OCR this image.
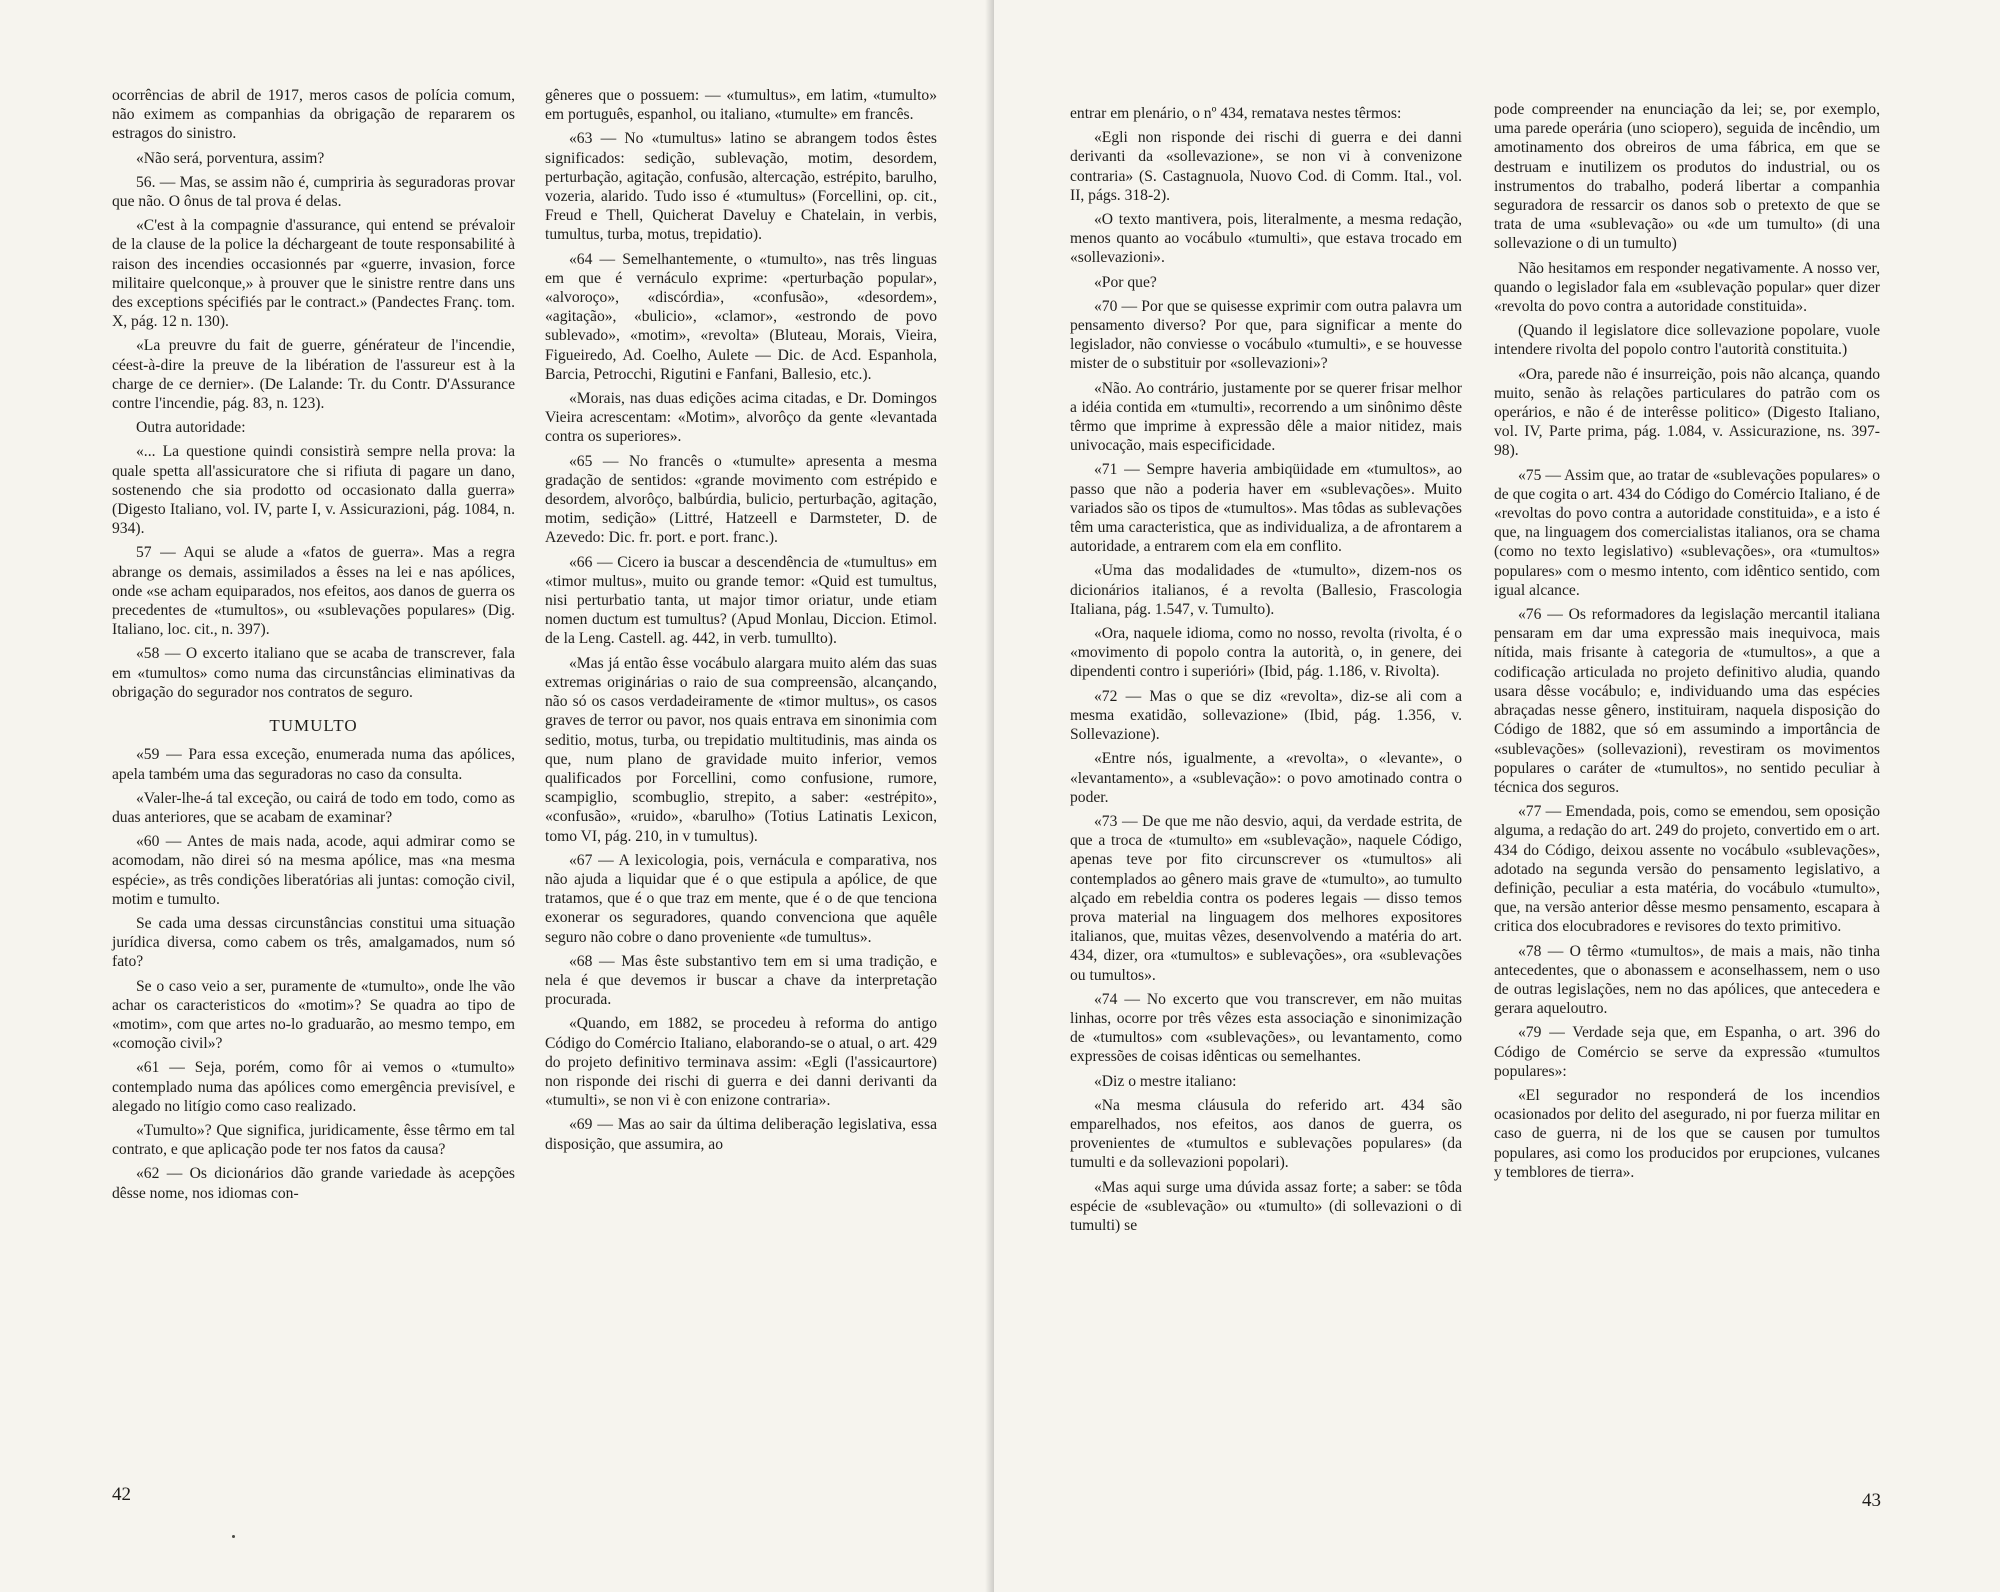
ocorrências de abril de 1917, meros casos de polícia comum, não eximem as companhias da obrigação de repararem os estragos do sinistro.

«Não será, porventura, assim?

56. — Mas, se assim não é, cumpriria às seguradoras provar que não. O ônus de tal prova é delas.

«C'est à la compagnie d'assurance, qui entend se prévaloir de la clause de la police la déchargeant de toute responsabilité à raison des incendies occasionnés par «guerre, invasion, force militaire quelconque,» à prouver que le sinistre rentre dans uns des exceptions spécifiés par le contract.» (Pandectes Franç. tom. X, pág. 12 n. 130).

«La preuvre du fait de guerre, générateur de l'incendie, céest-à-dire la preuve de la libération de l'assureur est à la charge de ce dernier». (De Lalande: Tr. du Contr. D'Assurance contre l'incendie, pág. 83, n. 123).

Outra autoridade:

«... La questione quindi consistirà sempre nella prova: la quale spetta all'assicuratore che si rifiuta di pagare un dano, sostenendo che sia prodotto od occasionato dalla guerra» (Digesto Italiano, vol. IV, parte I, v. Assicurazioni, pág. 1084, n. 934).

57 — Aqui se alude a «fatos de guerra». Mas a regra abrange os demais, assimilados a êsses na lei e nas apólices, onde «se acham equiparados, nos efeitos, aos danos de guerra os precedentes de «tumultos», ou «sublevações populares» (Dig. Italiano, loc. cit., n. 397).

«58 — O excerto italiano que se acaba de transcrever, fala em «tumultos» como numa das circunstâncias eliminativas da obrigação do segurador nos contratos de seguro.

TUMULTO

«59 — Para essa exceção, enumerada numa das apólices, apela também uma das seguradoras no caso da consulta.

«Valer-lhe-á tal exceção, ou cairá de todo em todo, como as duas anteriores, que se acabam de examinar?

«60 — Antes de mais nada, acode, aqui admirar como se acomodam, não direi só na mesma apólice, mas «na mesma espécie», as três condições liberatórias ali juntas: comoção civil, motim e tumulto.

Se cada uma dessas circunstâncias constitui uma situação jurídica diversa, como cabem os três, amalgamados, num só fato?

Se o caso veio a ser, puramente de «tumulto», onde lhe vão achar os caracteristicos do «motim»? Se quadra ao tipo de «motim», com que artes no-lo graduarão, ao mesmo tempo, em «comoção civil»?

«61 — Seja, porém, como fôr ai vemos o «tumulto» contemplado numa das apólices como emergência previsível, e alegado no litígio como caso realizado.

«Tumulto»? Que significa, juridicamente, êsse têrmo em tal contrato, e que aplicação pode ter nos fatos da causa?

«62 — Os dicionários dão grande variedade às acepções dêsse nome, nos idiomas con-

gêneres que o possuem: — «tumultus», em latim, «tumulto» em português, espanhol, ou italiano, «tumulte» em francês.

«63 — No «tumultus» latino se abrangem todos êstes significados: sedição, sublevação, motim, desordem, perturbação, agitação, confusão, altercação, estrépito, barulho, vozeria, alarido. Tudo isso é «tumultus» (Forcellini, op. cit., Freud e Thell, Quicherat Daveluy e Chatelain, in verbis, tumultus, turba, motus, trepidatio).

«64 — Semelhantemente, o «tumulto», nas três linguas em que é vernáculo exprime: «perturbação popular», «alvoroço», «discórdia», «confusão», «desordem», «agitação», «bulicio», «clamor», «estrondo de povo sublevado», «motim», «revolta» (Bluteau, Morais, Vieira, Figueiredo, Ad. Coelho, Aulete — Dic. de Acd. Espanhola, Barcia, Petrocchi, Rigutini e Fanfani, Ballesio, etc.).

«Morais, nas duas edições acima citadas, e Dr. Domingos Vieira acrescentam: «Motim», alvorôço da gente «levantada contra os superiores».

«65 — No francês o «tumulte» apresenta a mesma gradação de sentidos: «grande movimento com estrépido e desordem, alvorôço, balbúrdia, bulicio, perturbação, agitação, motim, sedição» (Littré, Hatzeell e Darmsteter, D. de Azevedo: Dic. fr. port. e port. franc.).

«66 — Cicero ia buscar a descendência de «tumultus» em «timor multus», muito ou grande temor: «Quid est tumultus, nisi perturbatio tanta, ut major timor oriatur, unde etiam nomen ductum est tumultus? (Apud Monlau, Diccion. Etimol. de la Leng. Castell. ag. 442, in verb. tumullto).

«Mas já então êsse vocábulo alargara muito além das suas extremas originárias o raio de sua compreensão, alcançando, não só os casos verdadeiramente de «timor multus», os casos graves de terror ou pavor, nos quais entrava em sinonimia com seditio, motus, turba, ou trepidatio multitudinis, mas ainda os que, num plano de gravidade muito inferior, vemos qualificados por Forcellini, como confusione, rumore, scampiglio, scombuglio, strepito, a saber: «estrépito», «confusão», «ruido», «barulho» (Totius Latinatis Lexicon, tomo VI, pág. 210, in v tumultus).

«67 — A lexicologia, pois, vernácula e comparativa, nos não ajuda a liquidar que é o que estipula a apólice, de que tratamos, que é o que traz em mente, que é o de que tenciona exonerar os seguradores, quando convenciona que aquêle seguro não cobre o dano proveniente «de tumultus».

«68 — Mas êste substantivo tem em si uma tradição, e nela é que devemos ir buscar a chave da interpretação procurada.

«Quando, em 1882, se procedeu à reforma do antigo Código do Comércio Italiano, elaborando-se o atual, o art. 429 do projeto definitivo terminava assim: «Egli (l'assicaurtore) non risponde dei rischi di guerra e dei danni derivanti da «tumulti», se non vi è con enizone contraria».

«69 — Mas ao sair da última deliberação legislativa, essa disposição, que assumira, ao

42

entrar em plenário, o nº 434, rematava nestes têrmos:

«Egli non risponde dei rischi di guerra e dei danni derivanti da «sollevazione», se non vi à convenizone contraria» (S. Castagnuola, Nuovo Cod. di Comm. Ital., vol. II, págs. 318-2).

«O texto mantivera, pois, literalmente, a mesma redação, menos quanto ao vocábulo «tumulti», que estava trocado em «sollevazioni».

«Por que?

«70 — Por que se quisesse exprimir com outra palavra um pensamento diverso? Por que, para significar a mente do legislador, não conviesse o vocábulo «tumulti», e se houvesse mister de o substituir por «sollevazioni»?

«Não. Ao contrário, justamente por se querer frisar melhor a idéia contida em «tumulti», recorrendo a um sinônimo dêste têrmo que imprime à expressão dêle a maior nitidez, mais univocação, mais especificidade.

«71 — Sempre haveria ambiqüidade em «tumultos», ao passo que não a poderia haver em «sublevações». Muito variados são os tipos de «tumultos». Mas tôdas as sublevações têm uma caracteristica, que as individualiza, a de afrontarem a autoridade, a entrarem com ela em conflito.

«Uma das modalidades de «tumulto», dizem-nos os dicionários italianos, é a revolta (Ballesio, Frascologia Italiana, pág. 1.547, v. Tumulto).

«Ora, naquele idioma, como no nosso, revolta (rivolta, é o «movimento di popolo contra la autorità, o, in genere, dei dipendenti contro i superióri» (Ibid, pág. 1.186, v. Rivolta).

«72 — Mas o que se diz «revolta», diz-se ali com a mesma exatidão, sollevazione» (Ibid, pág. 1.356, v. Sollevazione).

«Entre nós, igualmente, a «revolta», o «levante», o «levantamento», a «sublevação»: o povo amotinado contra o poder.

«73 — De que me não desvio, aqui, da verdade estrita, de que a troca de «tumulto» em «sublevação», naquele Código, apenas teve por fito circunscrever os «tumultos» ali contemplados ao gênero mais grave de «tumulto», ao tumulto alçado em rebeldia contra os poderes legais — disso temos prova material na linguagem dos melhores expositores italianos, que, muitas vêzes, desenvolvendo a matéria do art. 434, dizer, ora «tumultos» e sublevações», ora «sublevações ou tumultos».

«74 — No excerto que vou transcrever, em não muitas linhas, ocorre por três vêzes esta associação e sinonimização de «tumultos» com «sublevações», ou levantamento, como expressões de coisas idênticas ou semelhantes.

«Diz o mestre italiano:

«Na mesma cláusula do referido art. 434 são emparelhados, nos efeitos, aos danos de guerra, os provenientes de «tumultos e sublevações populares» (da tumulti e da sollevazioni popolari).

«Mas aqui surge uma dúvida assaz forte; a saber: se tôda espécie de «sublevação» ou «tumulto» (di sollevazioni o di tumulti) se

pode compreender na enunciação da lei; se, por exemplo, uma parede operária (uno sciopero), seguida de incêndio, um amotinamento dos obreiros de uma fábrica, em que se destruam e inutilizem os produtos do industrial, ou os instrumentos do trabalho, poderá libertar a companhia seguradora de ressarcir os danos sob o pretexto de que se trata de uma «sublevação» ou «de um tumulto» (di una sollevazione o di un tumulto)

Não hesitamos em responder negativamente. A nosso ver, quando o legislador fala em «sublevação popular» quer dizer «revolta do povo contra a autoridade constituida».

(Quando il legislatore dice sollevazione popolare, vuole intendere rivolta del popolo contro l'autorità constituita.)

«Ora, parede não é insurreição, pois não alcança, quando muito, senão às relações particulares do patrão com os operários, e não é de interêsse politico» (Digesto Italiano, vol. IV, Parte prima, pág. 1.084, v. Assicurazione, ns. 397-98).

«75 — Assim que, ao tratar de «sublevações populares» o de que cogita o art. 434 do Código do Comércio Italiano, é de «revoltas do povo contra a autoridade constituida», e a isto é que, na linguagem dos comercialistas italianos, ora se chama (como no texto legislativo) «sublevações», ora «tumultos» populares» com o mesmo intento, com idêntico sentido, com igual alcance.

«76 — Os reformadores da legislação mercantil italiana pensaram em dar uma expressão mais inequivoca, mais nítida, mais frisante à categoria de «tumultos», a que a codificação articulada no projeto definitivo aludia, quando usara dêsse vocábulo; e, individuando uma das espécies abraçadas nesse gênero, instituiram, naquela disposição do Código de 1882, que só em assumindo a importância de «sublevações» (sollevazioni), revestiram os movimentos populares o caráter de «tumultos», no sentido peculiar à técnica dos seguros.

«77 — Emendada, pois, como se emendou, sem oposição alguma, a redação do art. 249 do projeto, convertido em o art. 434 do Código, deixou assente no vocábulo «sublevações», adotado na segunda versão do pensamento legislativo, a definição, peculiar a esta matéria, do vocábulo «tumulto», que, na versão anterior dêsse mesmo pensamento, escapara à critica dos elocubradores e revisores do texto primitivo.

«78 — O têrmo «tumultos», de mais a mais, não tinha antecedentes, que o abonassem e aconselhassem, nem o uso de outras legislações, nem no das apólices, que antecedera e gerara aqueloutro.

«79 — Verdade seja que, em Espanha, o art. 396 do Código de Comércio se serve da expressão «tumultos populares»:

«El segurador no responderá de los incendios ocasionados por delito del asegurado, ni por fuerza militar en caso de guerra, ni de los que se causen por tumultos populares, asi como los producidos por erupciones, vulcanes y temblores de tierra».

43
